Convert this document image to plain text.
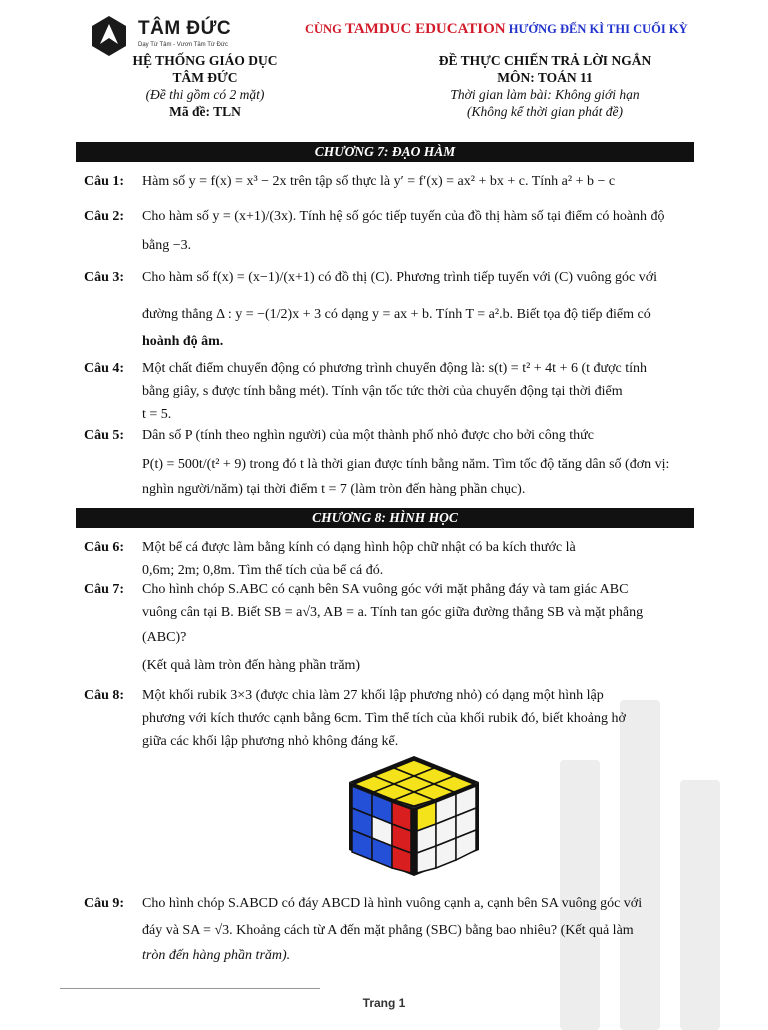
TÂM ĐỨC
Dạy Từ Tâm - Vươn Tầm Từ Đức
CÙNG TAMDUC EDUCATION HƯỚNG ĐẾN KÌ THI CUỐI KỲ
HỆ THỐNG GIÁO DỤC
TÂM ĐỨC
(Đề thi gồm có 2 mặt)
Mã đề: TLN
ĐỀ THỰC CHIẾN TRẢ LỜI NGẮN
MÔN: TOÁN 11
Thời gian làm bài: Không giới hạn
(Không kể thời gian phát đề)
CHƯƠNG 7: ĐẠO HÀM
Câu 1: Hàm số y = f(x) = x³ − 2x trên tập số thực là y′ = f′(x) = ax² + bx + c. Tính a² + b − c
Câu 2: Cho hàm số y = (x+1)/(3x). Tính hệ số góc tiếp tuyến của đồ thị hàm số tại điểm có hoành độ
bằng −3.
Câu 3: Cho hàm số f(x) = (x−1)/(x+1) có đồ thị (C). Phương trình tiếp tuyến với (C) vuông góc với
đường thẳng Δ : y = −(1/2)x + 3 có dạng y = ax + b. Tính T = a².b. Biết tọa độ tiếp điểm có
hoành độ âm.
Câu 4: Một chất điểm chuyển động có phương trình chuyển động là: s(t) = t² + 4t + 6 (t được tính
bằng giây, s được tính bằng mét). Tính vận tốc tức thời của chuyển động tại thời điểm
t = 5.
Câu 5: Dân số P (tính theo nghìn người) của một thành phố nhỏ được cho bởi công thức
P(t) = 500t/(t² + 9) trong đó t là thời gian được tính bằng năm. Tìm tốc độ tăng dân số (đơn vị:
nghìn người/năm) tại thời điểm t = 7 (làm tròn đến hàng phần chục).
CHƯƠNG 8: HÌNH HỌC
Câu 6: Một bể cá được làm bằng kính có dạng hình hộp chữ nhật có ba kích thước là
0,6m; 2m; 0,8m. Tìm thể tích của bể cá đó.
Câu 7: Cho hình chóp S.ABC có cạnh bên SA vuông góc với mặt phẳng đáy và tam giác ABC
vuông cân tại B. Biết SB = a√3, AB = a. Tính tan góc giữa đường thẳng SB và mặt phẳng
(ABC)?
(Kết quả làm tròn đến hàng phần trăm)
Câu 8: Một khối rubik 3×3 (được chia làm 27 khối lập phương nhỏ) có dạng một hình lập
phương với kích thước cạnh bằng 6cm. Tìm thể tích của khối rubik đó, biết khoảng hở
giữa các khối lập phương nhỏ không đáng kể.
Câu 9: Cho hình chóp S.ABCD có đáy ABCD là hình vuông cạnh a, cạnh bên SA vuông góc với
đáy và SA = √3. Khoảng cách từ A đến mặt phẳng (SBC) bằng bao nhiêu? (Kết quả làm
tròn đến hàng phần trăm).
Trang 1
